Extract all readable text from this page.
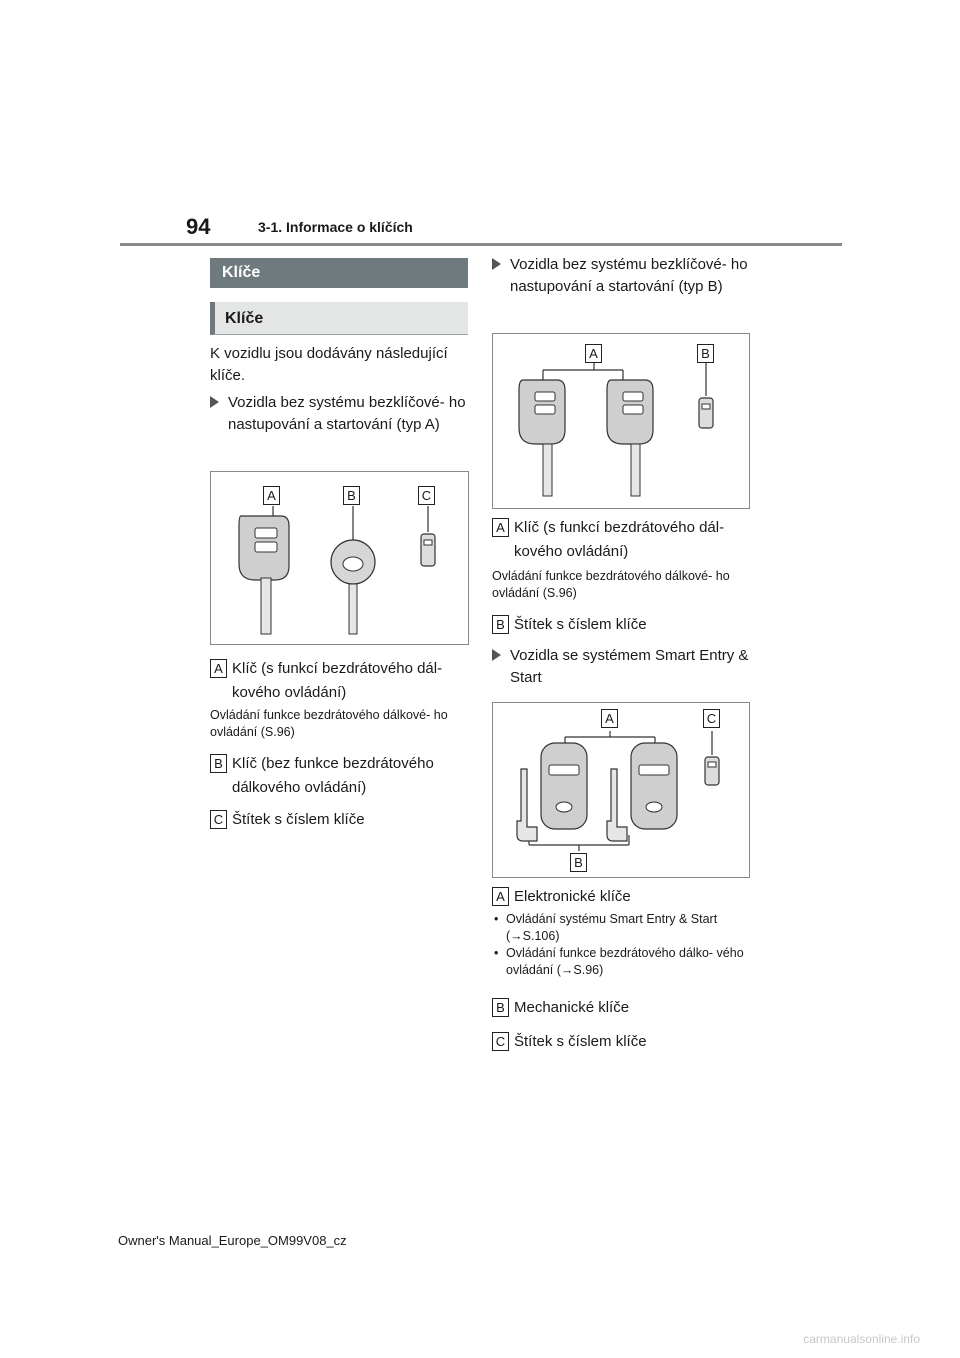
94	3-1. Informace o klíčích
Klíče
Klíče
K vozidlu jsou dodávány následující klíče.
Vozidla bez systému bezklíčové- ho nastupování a startování (typ A)
A	B	C
A Klíč (s funkcí bezdrátového dál- kového ovládání)
Ovládání funkce bezdrátového dálkové- ho ovládání (S.96)
B Klíč (bez funkce bezdrátového dálkového ovládání)
C Štítek s číslem klíče
Vozidla bez systému bezklíčové- ho nastupování a startování (typ B)
A	B
A Klíč (s funkcí bezdrátového dál- kového ovládání)
Ovládání funkce bezdrátového dálkové- ho ovládání (S.96)
B Štítek s číslem klíče
Vozidla se systémem Smart Entry & Start
A	C
B
A Elektronické klíče
• Ovládání systému Smart Entry & Start (→S.106)
• Ovládání funkce bezdrátového dálko- vého ovládání (→S.96)
B Mechanické klíče
C Štítek s číslem klíče
Owner's Manual_Europe_OM99V08_cz
carmanualsonline.info
